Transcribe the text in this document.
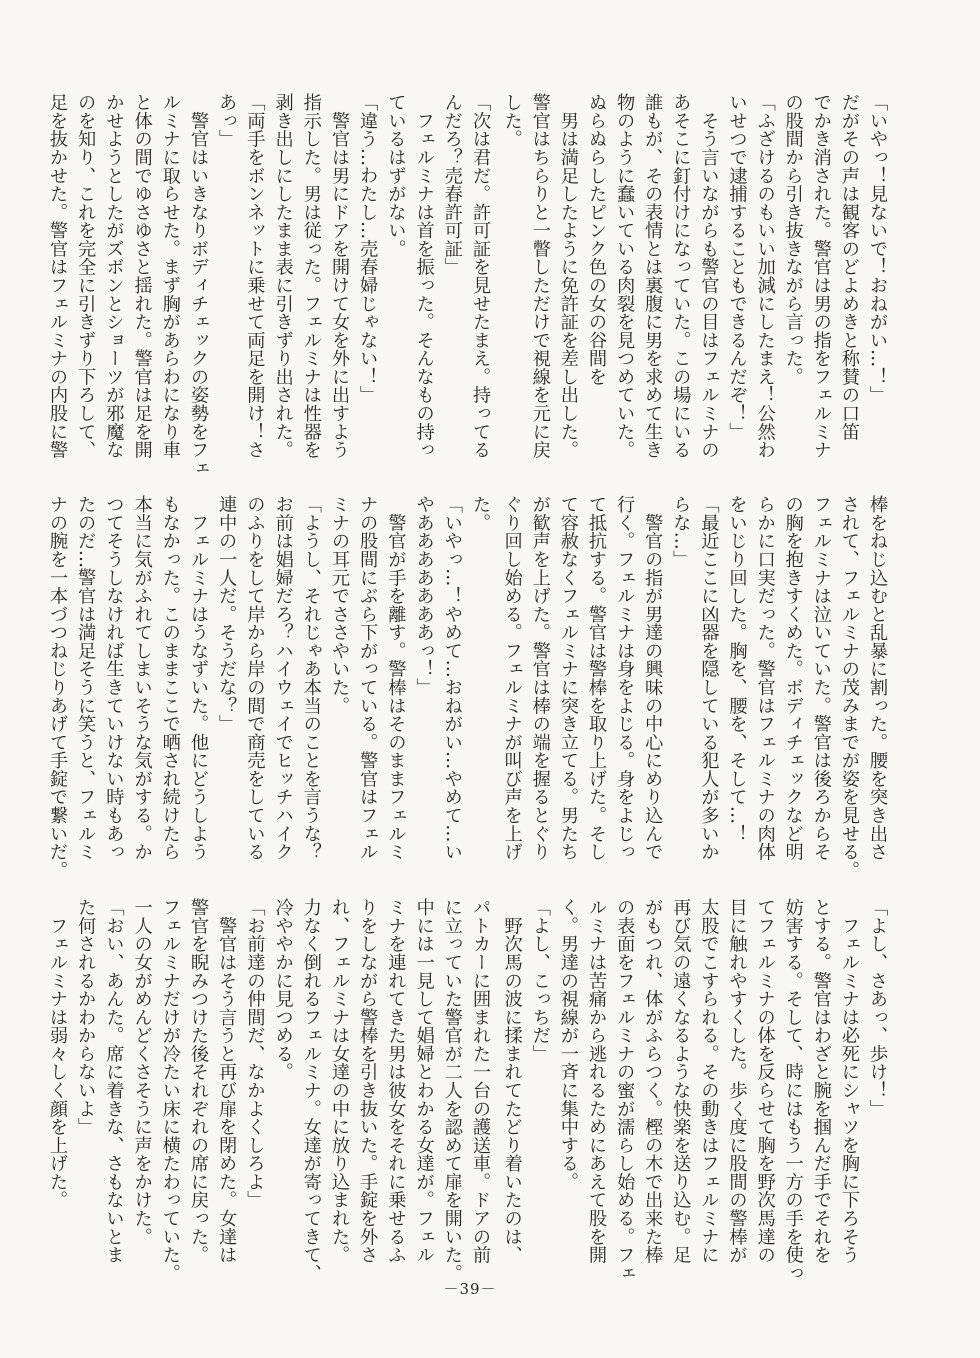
「いやっ！見ないで！おねがい…！」
だがその声は観客のどよめきと称賛の口笛
でかき消された。警官は男の指をフェルミナ
の股間から引き抜きながら言った。
「ふざけるのもいい加減にしたまえ！公然わ
いせつで逮捕することもできるんだぞ！」
　そう言いながらも警官の目はフェルミナの
あそこに釘付けになっていた。この場にいる
誰もが、その表情とは裏腹に男を求めて生き
物のように蠢いている肉裂を見つめていた。
ぬらぬらしたピンク色の女の谷間を
　男は満足したように免許証を差し出した。
警官はちらりと一瞥しただけで視線を元に戻
した。
「次は君だ。許可証を見せたまえ。持ってる
んだろ？売春許可証」
　フェルミナは首を振った。そんなもの持っ
ているはずがない。
「違う…わたし…売春婦じゃない！」
　警官は男にドアを開けて女を外に出すよう
指示した。男は従った。フェルミナは性器を
剥き出しにしたまま表に引きずり出された。
「両手をボンネットに乗せて両足を開け！さ
あっ」
　警官はいきなりボディチェックの姿勢をフェ
ルミナに取らせた。まず胸があらわになり車
と体の間でゆさゆさと揺れた。警官は足を開
かせようとしたがズボンとショーツが邪魔な
のを知り、これを完全に引きずり下ろして、
足を抜かせた。警官はフェルミナの内股に警
棒をねじ込むと乱暴に割った。腰を突き出さ
されて、フェルミナの茂みまでが姿を見せる。
フェルミナは泣いていた。警官は後ろからそ
の胸を抱きすくめた。ボディチェックなど明
らかに口実だった。警官はフェルミナの肉体
をいじり回した。胸を、腰を、そして…！
「最近ここに凶器を隠している犯人が多いか
らな…」
　警官の指が男達の興味の中心にめり込んで
行く。フェルミナは身をよじる。身をよじっ
て抵抗する。警官は警棒を取り上げた。そし
て容赦なくフェルミナに突き立てる。男たち
が歓声を上げた。警官は棒の端を握るとぐり
ぐり回し始める。フェルミナが叫び声を上げ
た。
「いやっ…！やめて…おねがい…やめて…い
やあああああああっ！」
　警官が手を離す。警棒はそのままフェルミ
ナの股間にぶら下がっている。警官はフェル
ミナの耳元でささやいた。
「ようし、それじゃあ本当のことを言うな？
お前は娼婦だろ？ハイウェイでヒッチハイク
のふりをして岸から岸の間で商売をしている
連中の一人だ。そうだな？」
　フェルミナはうなずいた。他にどうしよう
もなかった。このままここで晒され続けたら
本当に気がふれてしまいそうな気がする。か
つてそうしなければ生きていけない時もあっ
たのだ…警官は満足そうに笑うと、フェルミ
ナの腕を一本づつねじりあげて手錠で繋いだ。
「よし、さあっ、歩け！」
　フェルミナは必死にシャツを胸に下ろそう
とする。警官はわざと腕を掴んだ手でそれを
妨害する。そして、時にはもう一方の手を使っ
てフェルミナの体を反らせて胸を野次馬達の
目に触れやすくした。歩く度に股間の警棒が
太股でこすられる。その動きはフェルミナに
再び気の遠くなるような快楽を送り込む。足
がもつれ、体がふらつく。樫の木で出来た棒
の表面をフェルミナの蜜が濡らし始める。フェ
ルミナは苦痛から逃れるためにあえて股を開
く。男達の視線が一斉に集中する。
「よし、こっちだ」
　野次馬の波に揉まれてたどり着いたのは、
パトカーに囲まれた一台の護送車。ドアの前
に立っていた警官が二人を認めて扉を開いた。
中には一見して娼婦とわかる女達が。フェル
ミナを連れてきた男は彼女をそれに乗せるふ
りをしながら警棒を引き抜いた。手錠を外さ
れ、フェルミナは女達の中に放り込まれた。
力なく倒れるフェルミナ。女達が寄ってきて、
冷ややかに見つめる。
「お前達の仲間だ、なかよくしろよ」
　警官はそう言うと再び扉を閉めた。女達は
警官を睨みつけた後それぞれの席に戻った。
フェルミナだけが冷たい床に横たわっていた。
一人の女がめんどくさそうに声をかけた。
「おい、あんた。席に着きな、さもないとま
た何されるかわからないよ」
　フェルミナは弱々しく顔を上げた。
－39－
